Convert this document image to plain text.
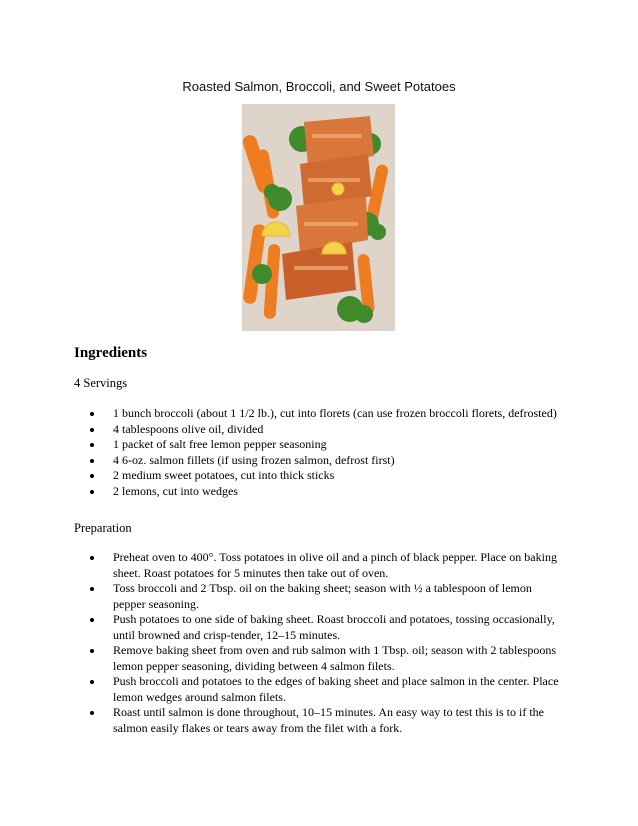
Roasted Salmon, Broccoli, and Sweet Potatoes
Ingredients
4 Servings
1 bunch broccoli (about 1 1/2 lb.), cut into florets (can use frozen broccoli florets, defrosted)
4 tablespoons olive oil, divided
1 packet of salt free lemon pepper seasoning
4 6-oz. salmon fillets (if using frozen salmon, defrost first)
2 medium sweet potatoes, cut into thick sticks
2 lemons, cut into wedges
Preparation
Preheat oven to 400°. Toss potatoes in olive oil and a pinch of black pepper. Place on baking sheet. Roast potatoes for 5 minutes then take out of oven.
Toss broccoli and 2 Tbsp. oil on the baking sheet; season with ½ a tablespoon of lemon pepper seasoning.
Push potatoes to one side of baking sheet. Roast broccoli and potatoes, tossing occasionally, until browned and crisp-tender, 12–15 minutes.
Remove baking sheet from oven and rub salmon with 1 Tbsp. oil; season with 2 tablespoons lemon pepper seasoning, dividing between 4 salmon filets.
Push broccoli and potatoes to the edges of baking sheet and place salmon in the center. Place lemon wedges around salmon filets.
Roast until salmon is done throughout, 10–15 minutes. An easy way to test this is to if the salmon easily flakes or tears away from the filet with a fork.
